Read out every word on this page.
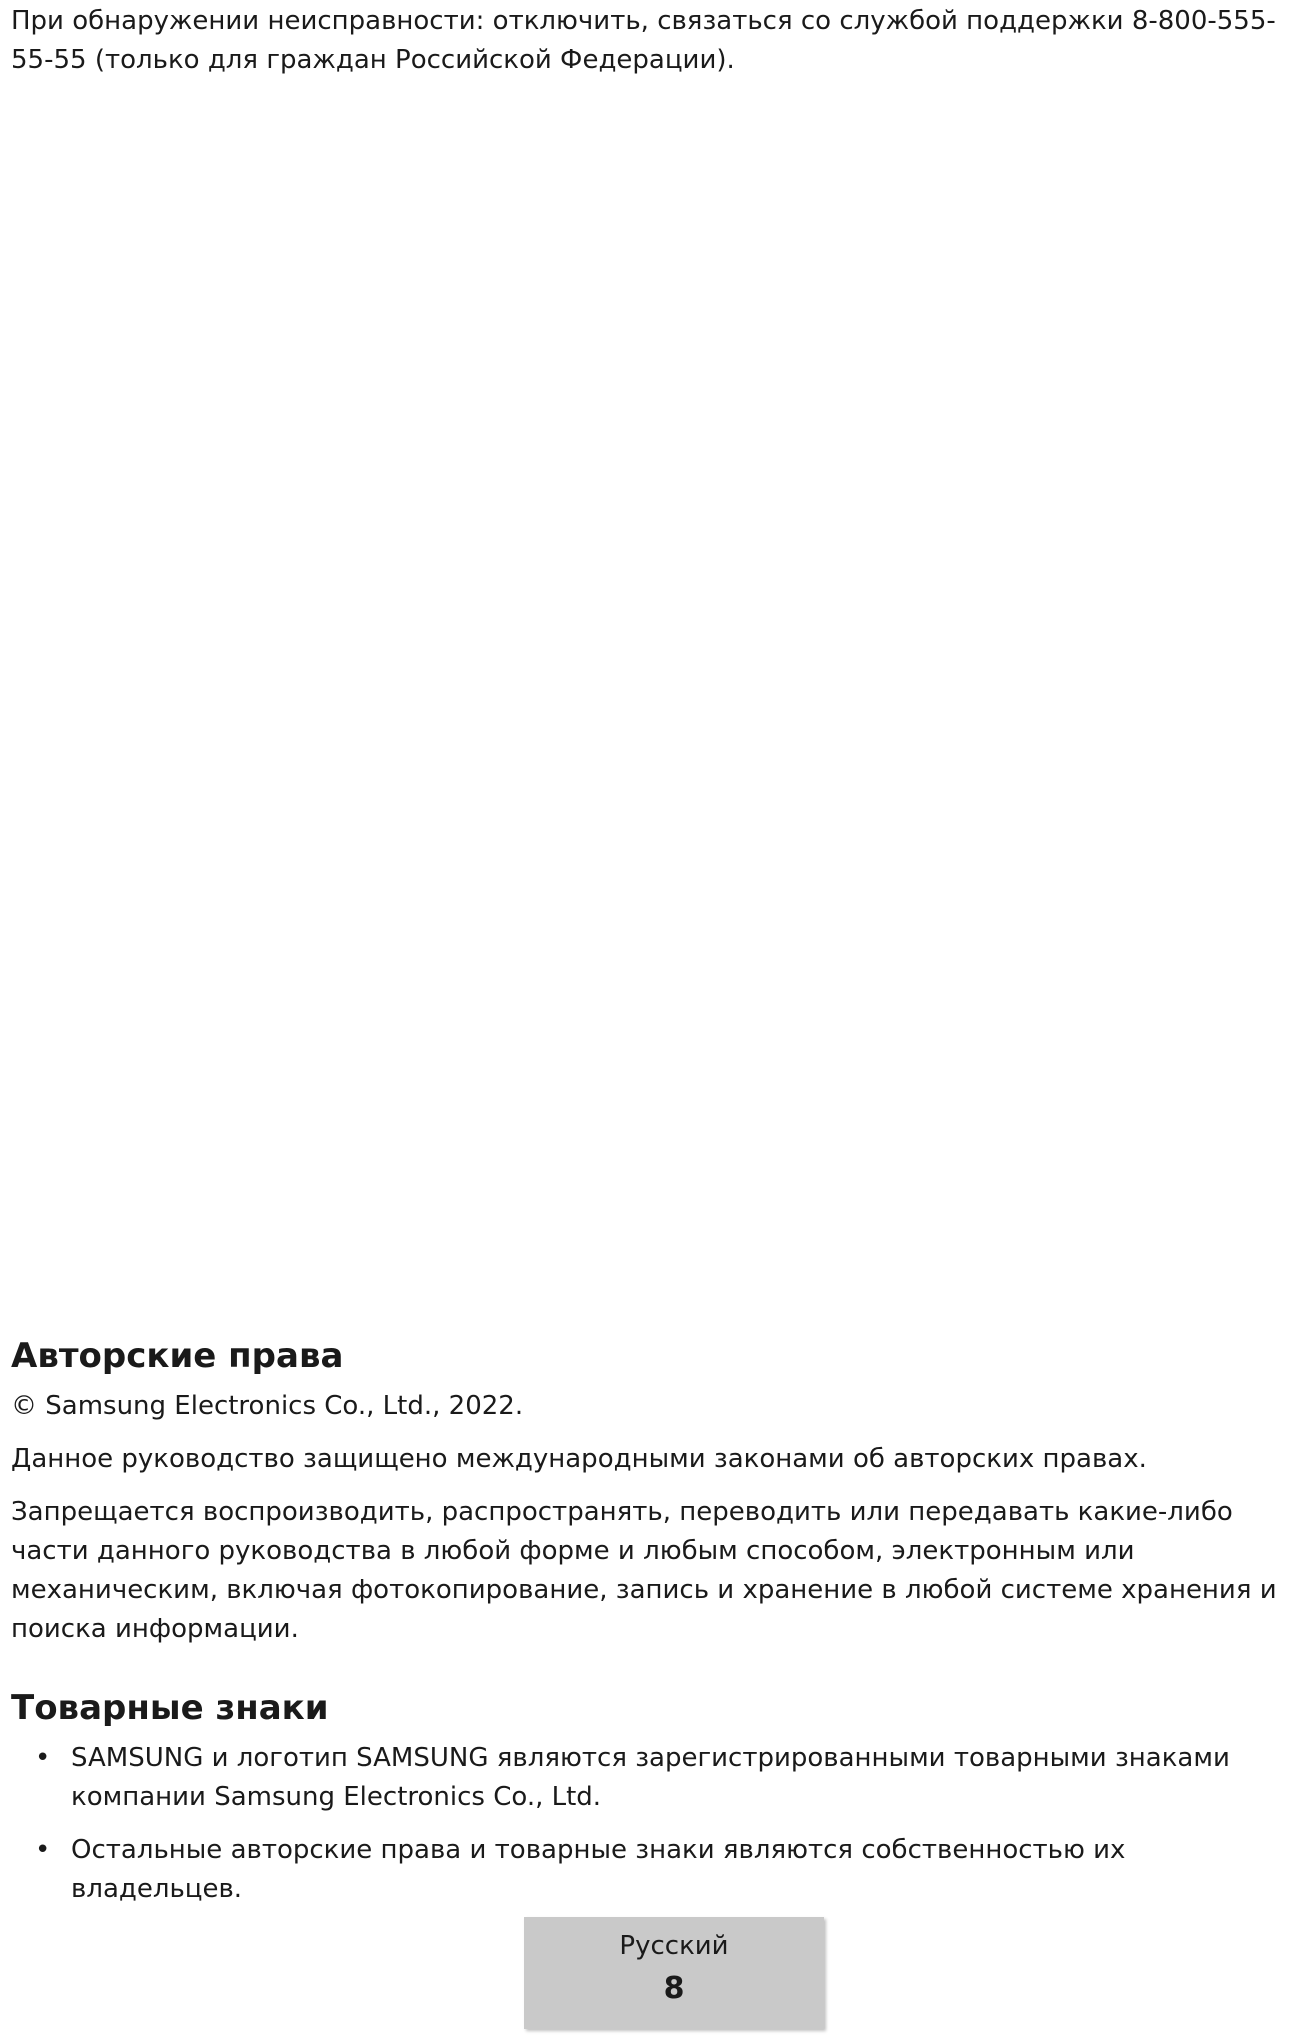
При обнаружении неисправности: отключить, связаться со службой поддержки 8-800-555-55-55 (только для граждан Российской Федерации).

Авторские права

© Samsung Electronics Co., Ltd., 2022.

Данное руководство защищено международными законами об авторских правах.

Запрещается воспроизводить, распространять, переводить или передавать какие-либо части данного руководства в любой форме и любым способом, электронным или механическим, включая фотокопирование, запись и хранение в любой системе хранения и поиска информации.

Товарные знаки
• SAMSUNG и логотип SAMSUNG являются зарегистрированными товарными знаками компании Samsung Electronics Co., Ltd.
• Остальные авторские права и товарные знаки являются собственностью их владельцев.
Русский
8
